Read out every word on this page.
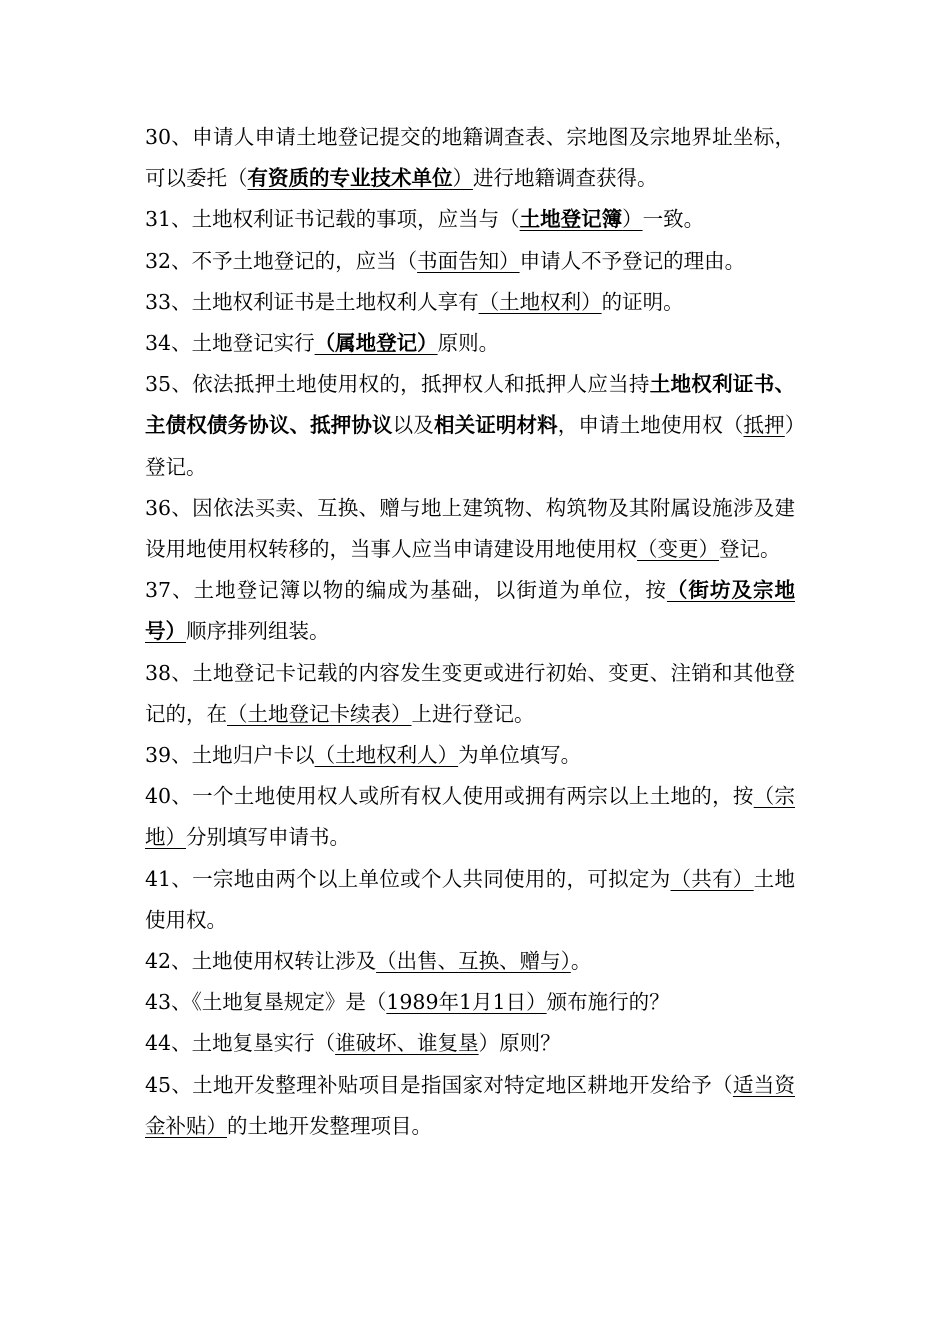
30、申请人申请土地登记提交的地籍调查表、宗地图及宗地界址坐标，可以委托（有资质的专业技术单位）进行地籍调查获得。

31、土地权利证书记载的事项，应当与（土地登记簿）一致。

32、不予土地登记的，应当（书面告知）申请人不予登记的理由。

33、土地权利证书是土地权利人享有（土地权利）的证明。

34、土地登记实行（属地登记）原则。

35、依法抵押土地使用权的，抵押权人和抵押人应当持土地权利证书、主债权债务协议、抵押协议以及相关证明材料，申请土地使用权（抵押）登记。

36、因依法买卖、互换、赠与地上建筑物、构筑物及其附属设施涉及建设用地使用权转移的，当事人应当申请建设用地使用权（变更）登记。

37、土地登记簿以物的编成为基础，以街道为单位，按（街坊及宗地号）顺序排列组装。

38、土地登记卡记载的内容发生变更或进行初始、变更、注销和其他登记的，在（土地登记卡续表）上进行登记。

39、土地归户卡以（土地权利人）为单位填写。

40、一个土地使用权人或所有权人使用或拥有两宗以上土地的，按（宗地）分别填写申请书。

41、一宗地由两个以上单位或个人共同使用的，可拟定为（共有）土地使用权。

42、土地使用权转让涉及（出售、互换、赠与）。

43、《土地复垦规定》是（1989年1月1日）颁布施行的？

44、土地复垦实行（谁破坏、谁复垦）原则？

45、土地开发整理补贴项目是指国家对特定地区耕地开发给予（适当资金补贴）的土地开发整理项目。
